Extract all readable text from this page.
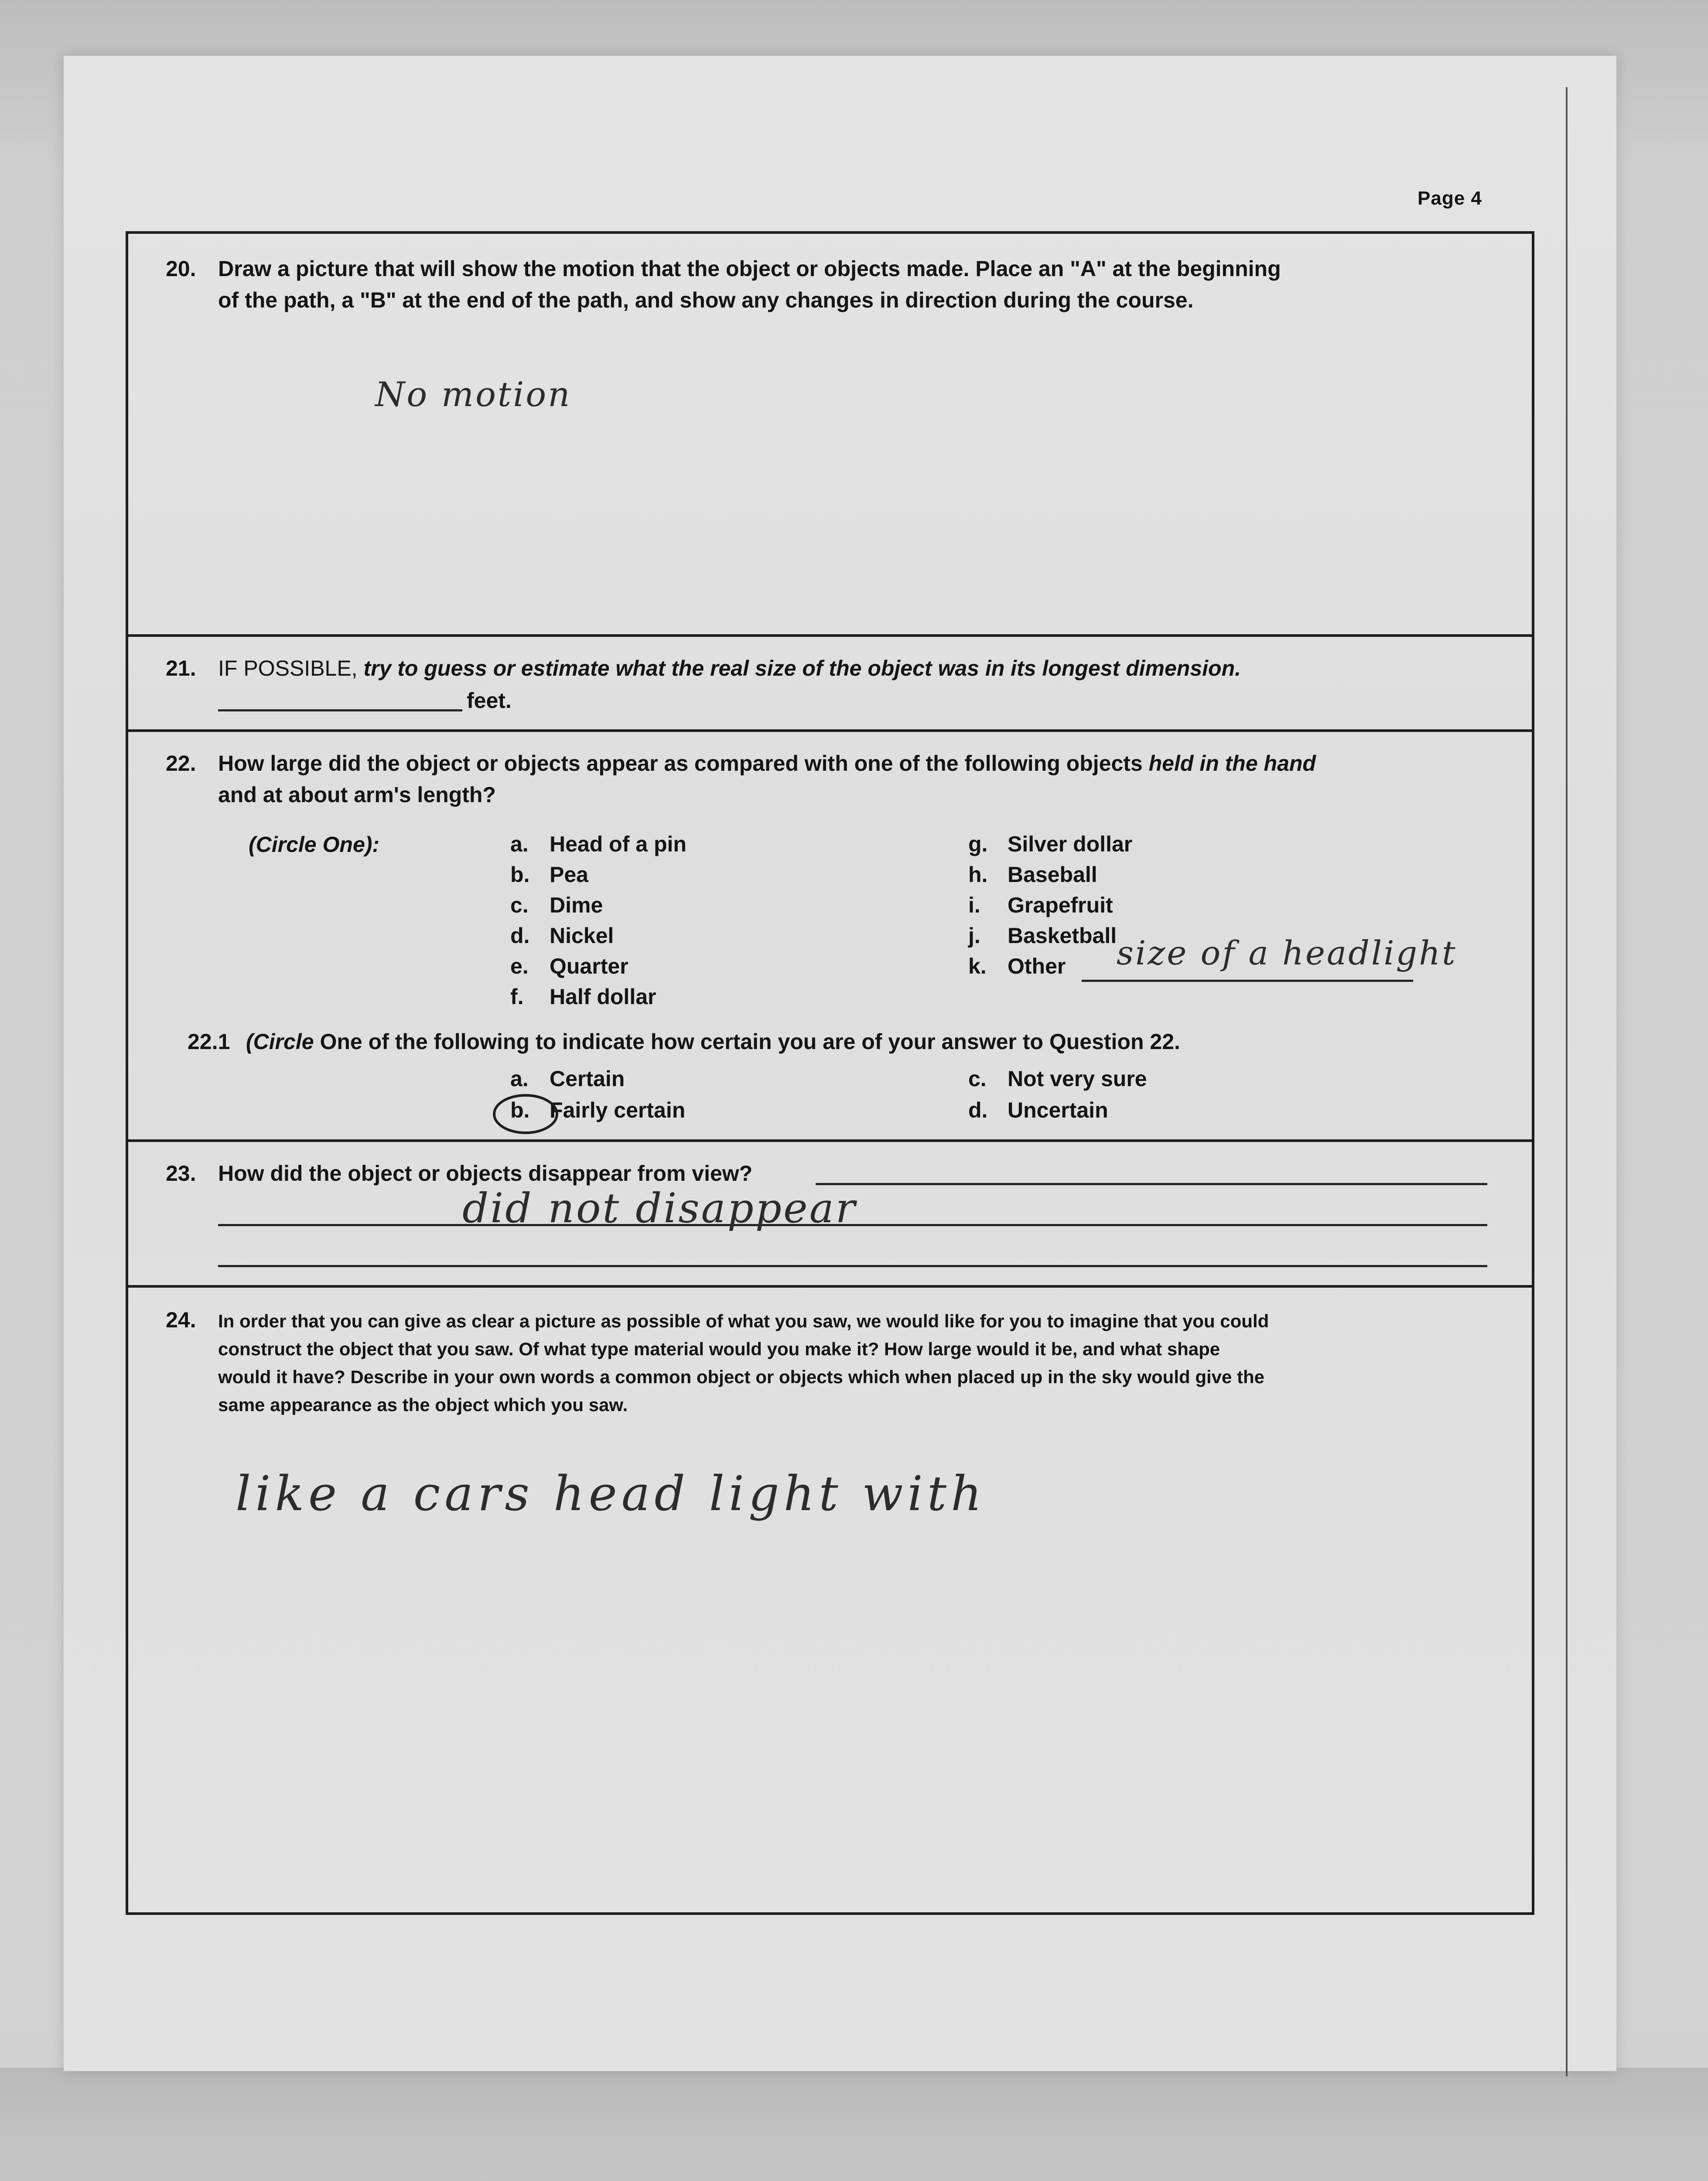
Page 4
20. Draw a picture that will show the motion that the object or objects made. Place an "A" at the beginning
of the path, a "B" at the end of the path, and show any changes in direction during the course.
No motion
21. IF POSSIBLE, try to guess or estimate what the real size of the object was in its longest dimension.
feet.
22. How large did the object or objects appear as compared with one of the following objects held in the hand
and at about arm's length?
(Circle One):	a. Head of a pin
b. Pea
c. Dime
d. Nickel
e. Quarter
f. Half dollar
g. Silver dollar
h. Baseball
i. Grapefruit
j. Basketball
k. Other size of a headlight
22.1 (Circle One of the following to indicate how certain you are of your answer to Question 22.
a. Certain
b. Fairly certain
c. Not very sure
d. Uncertain
23. How did the object or objects disappear from view?
did not disappear
24. In order that you can give as clear a picture as possible of what you saw, we would like for you to imagine that you could
construct the object that you saw. Of what type material would you make it? How large would it be, and what shape
would it have? Describe in your own words a common object or objects which when placed up in the sky would give the
same appearance as the object which you saw.
like a cars head light with
